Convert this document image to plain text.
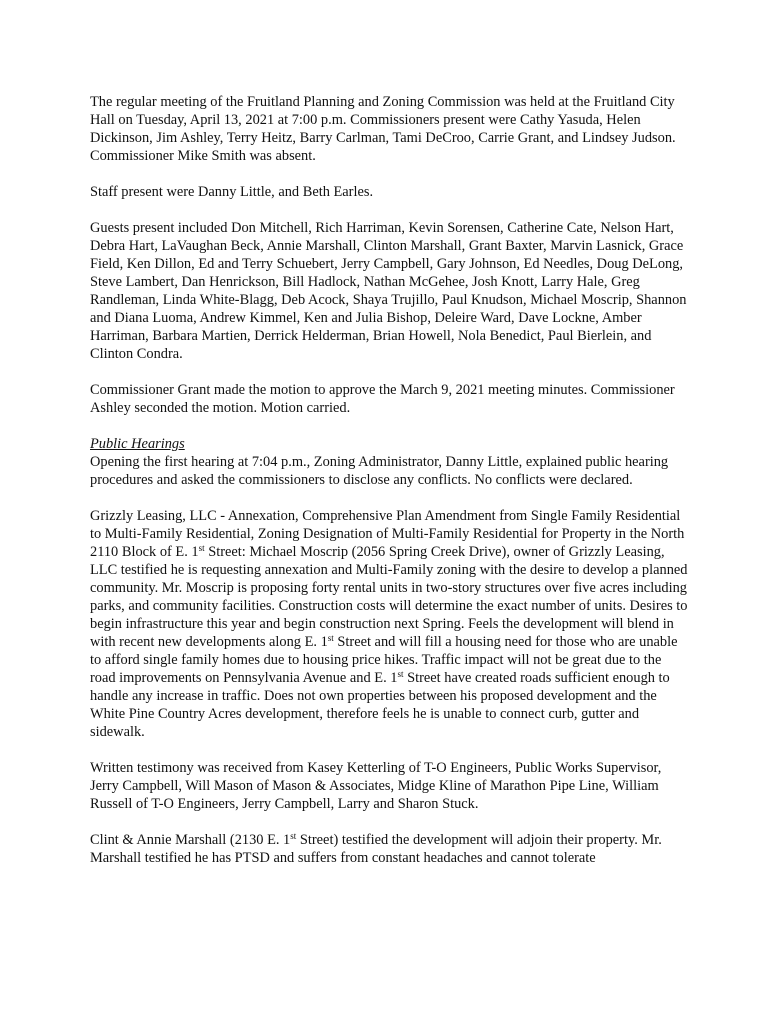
The regular meeting of the Fruitland Planning and Zoning Commission was held at the Fruitland City Hall on Tuesday, April 13, 2021 at 7:00 p.m. Commissioners present were Cathy Yasuda, Helen Dickinson, Jim Ashley, Terry Heitz, Barry Carlman, Tami DeCroo, Carrie Grant, and Lindsey Judson. Commissioner Mike Smith was absent.

Staff present were Danny Little, and Beth Earles.

Guests present included Don Mitchell, Rich Harriman, Kevin Sorensen, Catherine Cate, Nelson Hart, Debra Hart, LaVaughan Beck, Annie Marshall, Clinton Marshall, Grant Baxter, Marvin Lasnick, Grace Field, Ken Dillon, Ed and Terry Schuebert, Jerry Campbell, Gary Johnson, Ed Needles, Doug DeLong, Steve Lambert, Dan Henrickson, Bill Hadlock, Nathan McGehee, Josh Knott, Larry Hale, Greg Randleman, Linda White-Blagg, Deb Acock, Shaya Trujillo, Paul Knudson, Michael Moscrip, Shannon and Diana Luoma, Andrew Kimmel, Ken and Julia Bishop, Deleire Ward, Dave Lockne, Amber Harriman, Barbara Martien, Derrick Helderman, Brian Howell, Nola Benedict, Paul Bierlein, and Clinton Condra.

Commissioner Grant made the motion to approve the March 9, 2021 meeting minutes. Commissioner Ashley seconded the motion. Motion carried.

Public Hearings
Opening the first hearing at 7:04 p.m., Zoning Administrator, Danny Little, explained public hearing procedures and asked the commissioners to disclose any conflicts. No conflicts were declared.

Grizzly Leasing, LLC - Annexation, Comprehensive Plan Amendment from Single Family Residential to Multi-Family Residential, Zoning Designation of Multi-Family Residential for Property in the North 2110 Block of E. 1st Street: Michael Moscrip (2056 Spring Creek Drive), owner of Grizzly Leasing, LLC testified he is requesting annexation and Multi-Family zoning with the desire to develop a planned community. Mr. Moscrip is proposing forty rental units in two-story structures over five acres including parks, and community facilities. Construction costs will determine the exact number of units. Desires to begin infrastructure this year and begin construction next Spring. Feels the development will blend in with recent new developments along E. 1st Street and will fill a housing need for those who are unable to afford single family homes due to housing price hikes. Traffic impact will not be great due to the road improvements on Pennsylvania Avenue and E. 1st Street have created roads sufficient enough to handle any increase in traffic. Does not own properties between his proposed development and the White Pine Country Acres development, therefore feels he is unable to connect curb, gutter and sidewalk.

Written testimony was received from Kasey Ketterling of T-O Engineers, Public Works Supervisor, Jerry Campbell, Will Mason of Mason & Associates, Midge Kline of Marathon Pipe Line, William Russell of T-O Engineers, Jerry Campbell, Larry and Sharon Stuck.

Clint & Annie Marshall (2130 E. 1st Street) testified the development will adjoin their property. Mr. Marshall testified he has PTSD and suffers from constant headaches and cannot tolerate
